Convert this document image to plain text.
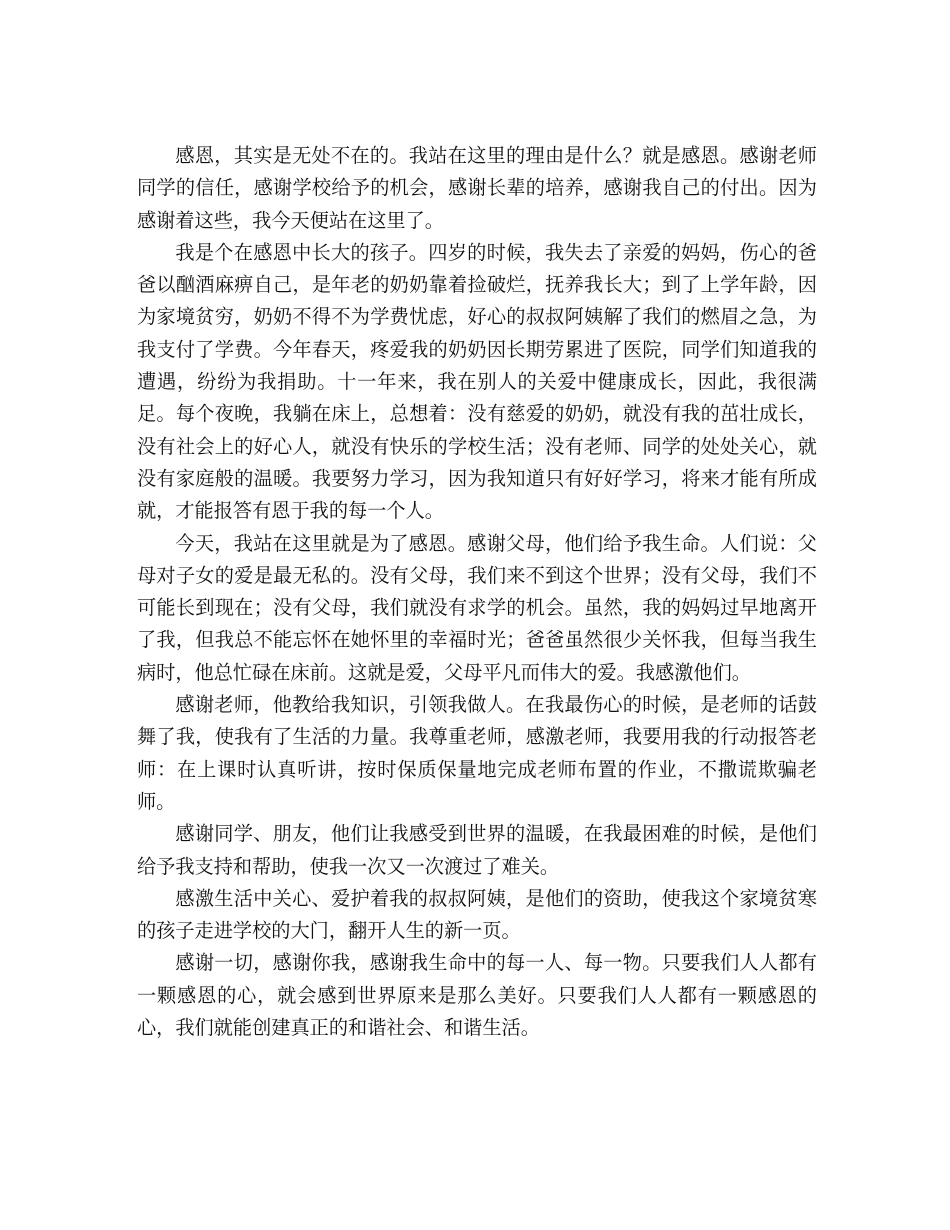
感恩，其实是无处不在的。我站在这里的理由是什么？就是感恩。感谢老师同学的信任，感谢学校给予的机会，感谢长辈的培养，感谢我自己的付出。因为感谢着这些，我今天便站在这里了。

我是个在感恩中长大的孩子。四岁的时候，我失去了亲爱的妈妈，伤心的爸爸以酗酒麻痹自己，是年老的奶奶靠着捡破烂，抚养我长大；到了上学年龄，因为家境贫穷，奶奶不得不为学费忧虑，好心的叔叔阿姨解了我们的燃眉之急，为我支付了学费。今年春天，疼爱我的奶奶因长期劳累进了医院，同学们知道我的遭遇，纷纷为我捐助。十一年来，我在别人的关爱中健康成长，因此，我很满足。每个夜晚，我躺在床上，总想着：没有慈爱的奶奶，就没有我的茁壮成长，没有社会上的好心人，就没有快乐的学校生活；没有老师、同学的处处关心，就没有家庭般的温暖。我要努力学习，因为我知道只有好好学习，将来才能有所成就，才能报答有恩于我的每一个人。

今天，我站在这里就是为了感恩。感谢父母，他们给予我生命。人们说：父母对子女的爱是最无私的。没有父母，我们来不到这个世界；没有父母，我们不可能长到现在；没有父母，我们就没有求学的机会。虽然，我的妈妈过早地离开了我，但我总不能忘怀在她怀里的幸福时光；爸爸虽然很少关怀我，但每当我生病时，他总忙碌在床前。这就是爱，父母平凡而伟大的爱。我感激他们。

感谢老师，他教给我知识，引领我做人。在我最伤心的时候，是老师的话鼓舞了我，使我有了生活的力量。我尊重老师，感激老师，我要用我的行动报答老师：在上课时认真听讲，按时保质保量地完成老师布置的作业，不撒谎欺骗老师。

感谢同学、朋友，他们让我感受到世界的温暖，在我最困难的时候，是他们给予我支持和帮助，使我一次又一次渡过了难关。

感激生活中关心、爱护着我的叔叔阿姨，是他们的资助，使我这个家境贫寒的孩子走进学校的大门，翻开人生的新一页。

感谢一切，感谢你我，感谢我生命中的每一人、每一物。只要我们人人都有一颗感恩的心，就会感到世界原来是那么美好。只要我们人人都有一颗感恩的心，我们就能创建真正的和谐社会、和谐生活。
